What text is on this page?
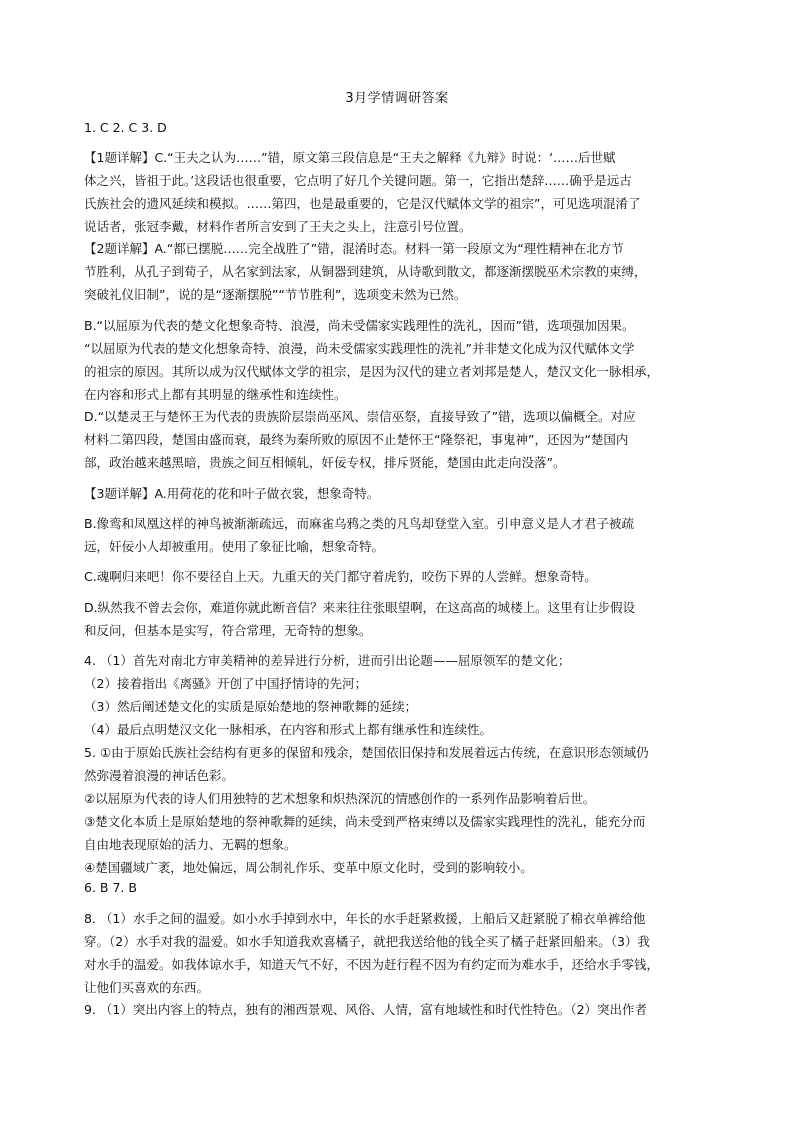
3月学情调研答案

1. C 2. C 3. D

【1题详解】C.“王夫之认为……”错，原文第三段信息是“王夫之解释《九辩》时说：‘……后世赋
体之兴，皆祖于此。’这段话也很重要，它点明了好几个关键问题。第一，它指出楚辞……确乎是远古
氏族社会的遗风延续和模拟。……第四，也是最重要的，它是汉代赋体文学的祖宗”，可见选项混淆了
说话者，张冠李戴，材料作者所言安到了王夫之头上，注意引号位置。

【2题详解】A.“都已摆脱……完全战胜了”错，混淆时态。材料一第一段原文为“理性精神在北方节
节胜利，从孔子到荀子，从名家到法家，从铜器到建筑，从诗歌到散文，都逐渐摆脱巫术宗教的束缚，
突破礼仪旧制”，说的是“逐渐摆脱”“节节胜利”，选项变未然为已然。

B.“以屈原为代表的楚文化想象奇特、浪漫，尚未受儒家实践理性的洗礼，因而”错，选项强加因果。
“以屈原为代表的楚文化想象奇特、浪漫，尚未受儒家实践理性的洗礼”并非楚文化成为汉代赋体文学
的祖宗的原因。其所以成为汉代赋体文学的祖宗，是因为汉代的建立者刘邦是楚人，楚汉文化一脉相承，
在内容和形式上都有其明显的继承性和连续性。

D.“以楚灵王与楚怀王为代表的贵族阶层崇尚巫风、崇信巫祭，直接导致了”错，选项以偏概全。对应
材料二第四段，楚国由盛而衰，最终为秦所败的原因不止楚怀王“隆祭祀，事鬼神”，还因为“楚国内
部，政治越来越黑暗，贵族之间互相倾轧，奸佞专权，排斥贤能，楚国由此走向没落”。

【3题详解】A.用荷花的花和叶子做衣裳，想象奇特。

B.像鸾和凤凰这样的神鸟被渐渐疏远，而麻雀乌鸦之类的凡鸟却登堂入室。引申意义是人才君子被疏
远，奸佞小人却被重用。使用了象征比喻，想象奇特。

C.魂啊归来吧！你不要径自上天。九重天的关门都守着虎豹，咬伤下界的人尝鲜。想象奇特。

D.纵然我不曾去会你，难道你就此断音信？来来往往张眼望啊，在这高高的城楼上。这里有让步假设
和反问，但基本是实写，符合常理，无奇特的想象。

4. （1）首先对南北方审美精神的差异进行分析，进而引出论题——屈原领军的楚文化；
（2）接着指出《离骚》开创了中国抒情诗的先河；
（3）然后阐述楚文化的实质是原始楚地的祭神歌舞的延续；
（4）最后点明楚汉文化一脉相承，在内容和形式上都有继承性和连续性。

5. ①由于原始氏族社会结构有更多的保留和残余，楚国依旧保持和发展着远古传统，在意识形态领域仍
然弥漫着浪漫的神话色彩。
②以屈原为代表的诗人们用独特的艺术想象和炽热深沉的情感创作的一系列作品影响着后世。
③楚文化本质上是原始楚地的祭神歌舞的延续，尚未受到严格束缚以及儒家实践理性的洗礼，能充分而
自由地表现原始的活力、无羁的想象。
④楚国疆域广袤，地处偏远，周公制礼作乐、变革中原文化时，受到的影响较小。

6. B 7. B

8. （1）水手之间的温爱。如小水手掉到水中，年长的水手赶紧救援，上船后又赶紧脱了棉衣单裤给他
穿。（2）水手对我的温爱。如水手知道我欢喜橘子，就把我送给他的钱全买了橘子赶紧回船来。（3）我
对水手的温爱。如我体谅水手，知道天气不好，不因为赶行程不因为有约定而为难水手，还给水手零钱，
让他们买喜欢的东西。

9. （1）突出内容上的特点，独有的湘西景观、风俗、人情，富有地域性和时代性特色。（2）突出作者
